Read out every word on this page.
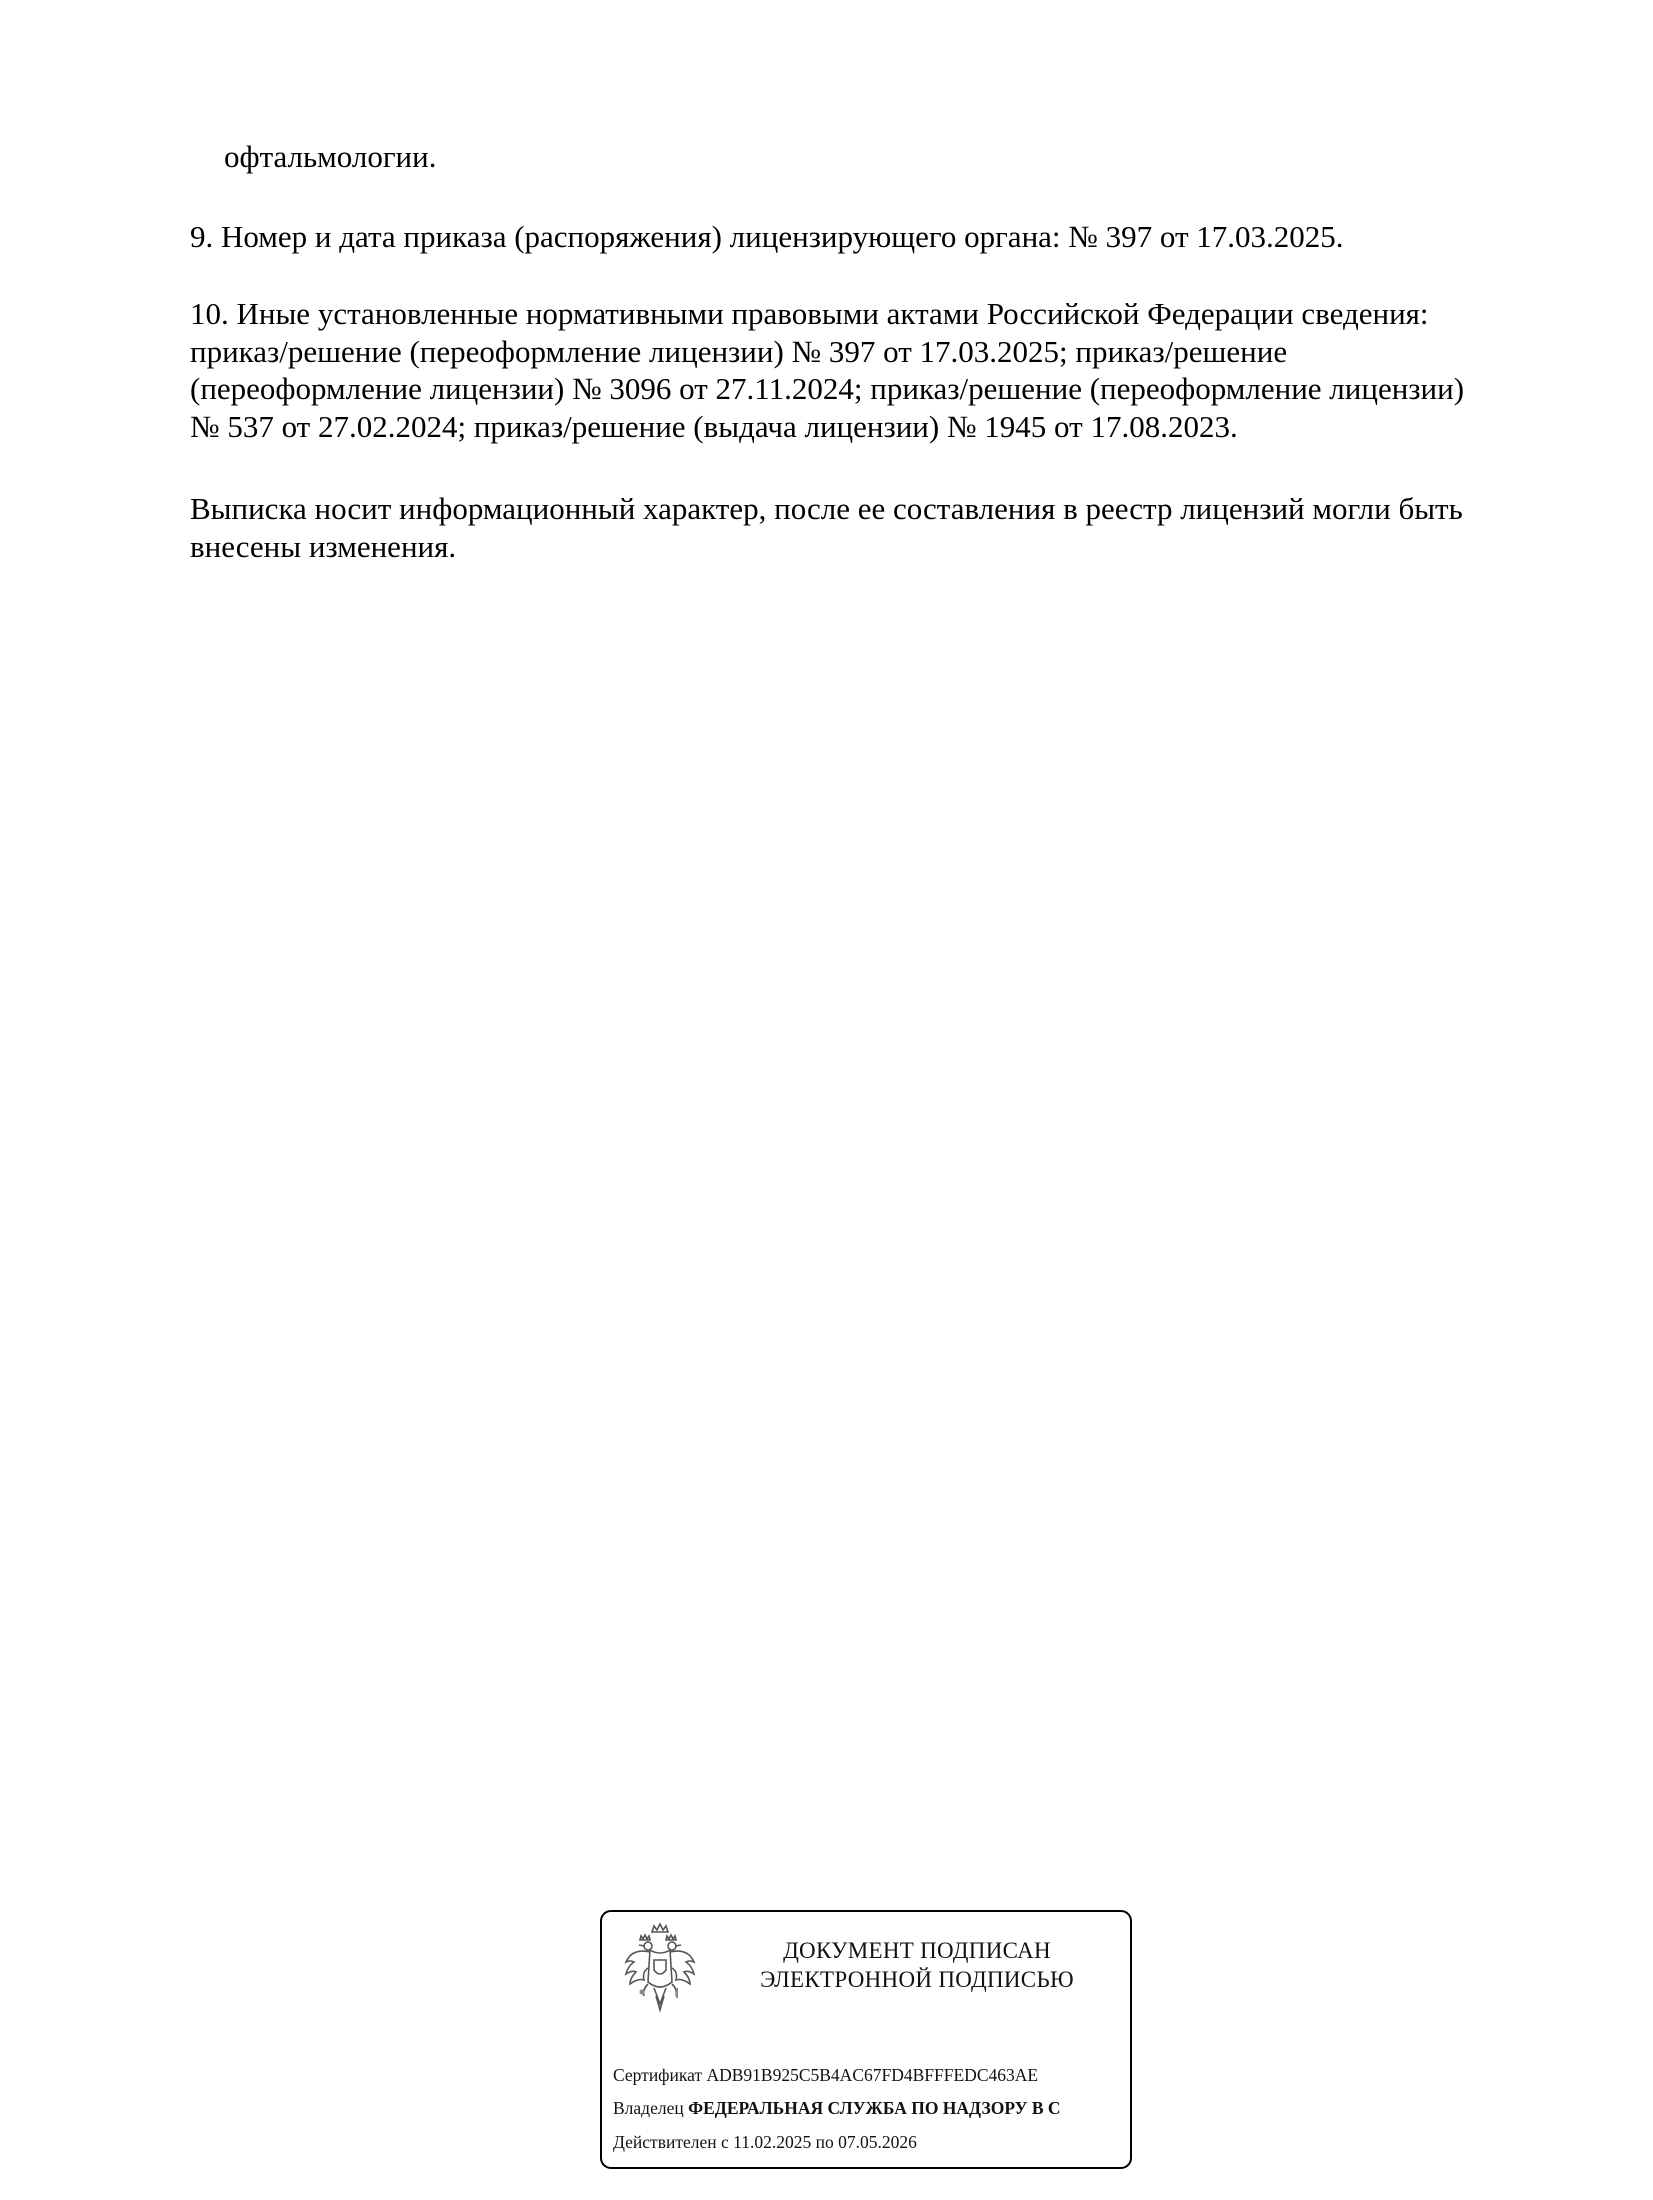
офтальмологии.

9. Номер и дата приказа (распоряжения) лицензирующего органа: № 397 от 17.03.2025.

10. Иные установленные нормативными правовыми актами Российской Федерации сведения:
приказ/решение (переоформление лицензии) № 397 от 17.03.2025; приказ/решение
(переоформление лицензии) № 3096 от 27.11.2024; приказ/решение (переоформление лицензии)
№ 537 от 27.02.2024; приказ/решение (выдача лицензии) № 1945 от 17.08.2023.
Выписка носит информационный характер, после ее составления в реестр лицензий могли быть
внесены изменения.
ДОКУМЕНТ ПОДПИСАН
ЭЛЕКТРОННОЙ ПОДПИСЬЮ
Сертификат ADB91B925C5B4AC67FD4BFFFEDC463AE
Владелец ФЕДЕРАЛЬНАЯ СЛУЖБА ПО НАДЗОРУ В С
Действителен с 11.02.2025 по 07.05.2026
